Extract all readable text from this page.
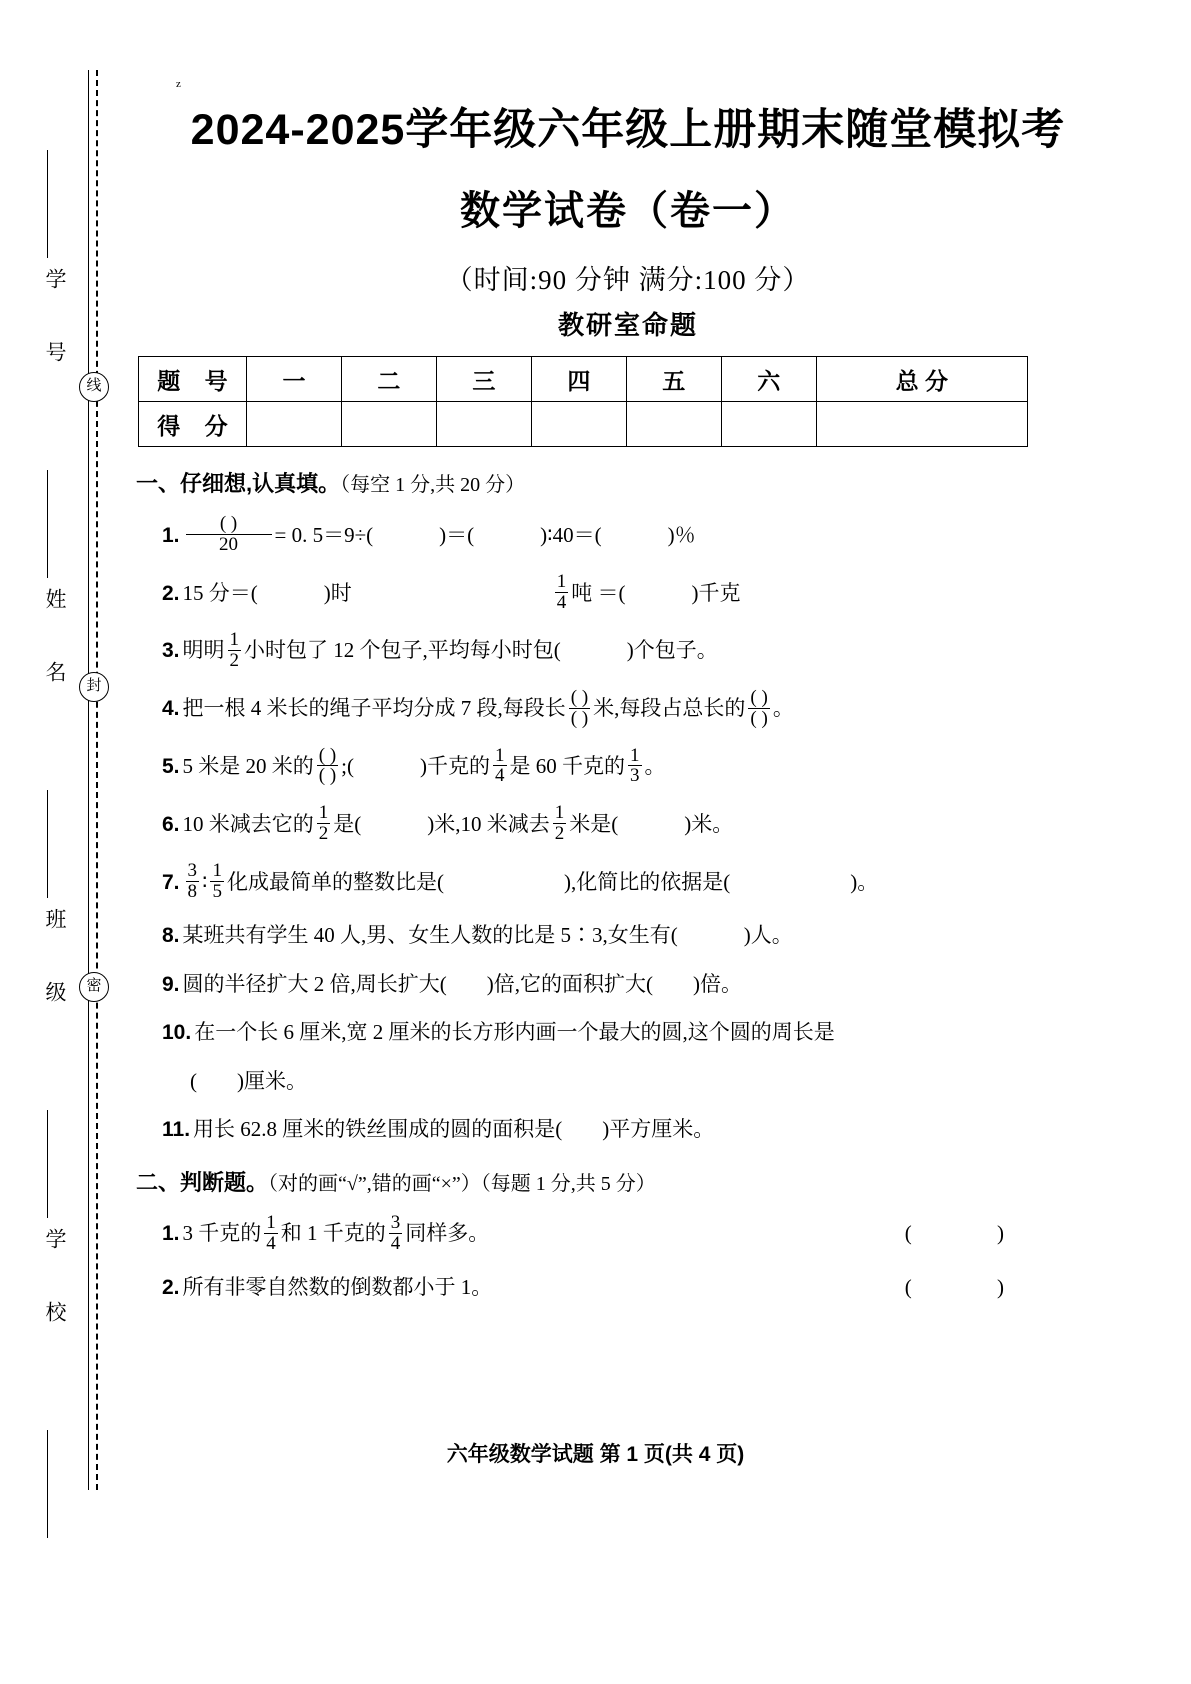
学 号
姓 名
班 级
学 校
线
封
密
2024-2025学年级六年级上册期末随堂模拟考
z
数学试卷（卷一）
（时间:90 分钟 满分:100 分）
教研室命题
题 号	一	二	三	四	五	六	总 分
得 分							
一、仔细想,认真填。（每空 1 分,共 20 分）
1. $\frac{( )}{20} = 0$. 5＝9÷(	)＝(	)∶40＝(	)％
2. 15 分＝(	)时	$\frac{1}{4}$ 吨 ＝(	)千克
3. 明明 $\frac{1}{2}$ 小时包了 12 个包子,平均每小时包(	)个包子。
4. 把一根 4 米长的绳子平均分成 7 段,每段长 $\frac{( )}{( )}$ 米,每段占总长的 $\frac{( )}{( )}$ 。
5. 5 米是 20 米的 $\frac{( )}{( )}$ ;(	)千克的 $\frac{1}{4}$ 是 60 千克的 $\frac{1}{3}$ 。
6. 10 米减去它的 $\frac{1}{2}$ 是(	)米,10 米减去 $\frac{1}{2}$ 米是(	)米。
7. $\frac{3}{8}$ ∶ $\frac{1}{5}$ 化成最简单的整数比是(	),化简比的依据是(	)。
8. 某班共有学生 40 人,男、女生人数的比是 5∶3,女生有(	)人。
9. 圆的半径扩大 2 倍,周长扩大( )倍,它的面积扩大( )倍。
10. 在一个长 6 厘米,宽 2 厘米的长方形内画一个最大的圆,这个圆的周长是
( )厘米。
11. 用长 62.8 厘米的铁丝围成的圆的面积是( )平方厘米。
二、判断题。（对的画“√”,错的画“×”）（每题 1 分,共 5 分）
1. 3 千克的 $\frac{1}{4}$ 和 1 千克的 $\frac{3}{4}$ 同样多。	( )
2. 所有非零自然数的倒数都小于 1。	( )
六年级数学试题 第 1 页(共 4 页)
